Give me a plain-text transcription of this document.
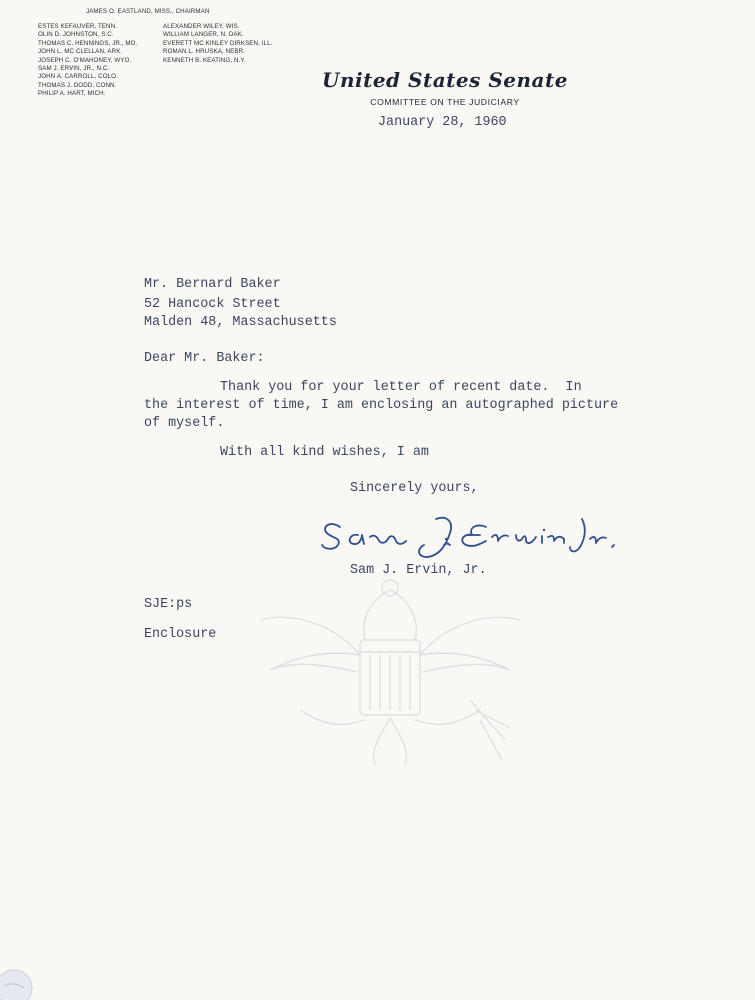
JAMES O. EASTLAND, MISS., CHAIRMAN
ESTES KEFAUVER, TENN.
OLIN D. JOHNSTON, S.C.
THOMAS C. HENNINGS, JR., MO.
JOHN L. MC CLELLAN, ARK.
JOSEPH C. O'MAHONEY, WYO.
SAM J. ERVIN, JR., N.C.
JOHN A. CARROLL, COLO.
THOMAS J. DODD, CONN.
PHILIP A. HART, MICH.
ALEXANDER WILEY, WIS.
WILLIAM LANGER, N. DAK.
EVERETT MC KINLEY DIRKSEN, ILL.
ROMAN L. HRUSKA, NEBR.
KENNETH B. KEATING, N.Y.
United States Senate
COMMITTEE ON THE JUDICIARY
January 28, 1960
Mr. Bernard Baker
52 Hancock Street
Malden 48, Massachusetts
Dear Mr. Baker:
Thank you for your letter of recent date.  In
the interest of time, I am enclosing an autographed picture
of myself.
With all kind wishes, I am
Sincerely yours,
Sam J. Ervin, Jr.
SJE:ps
Enclosure
